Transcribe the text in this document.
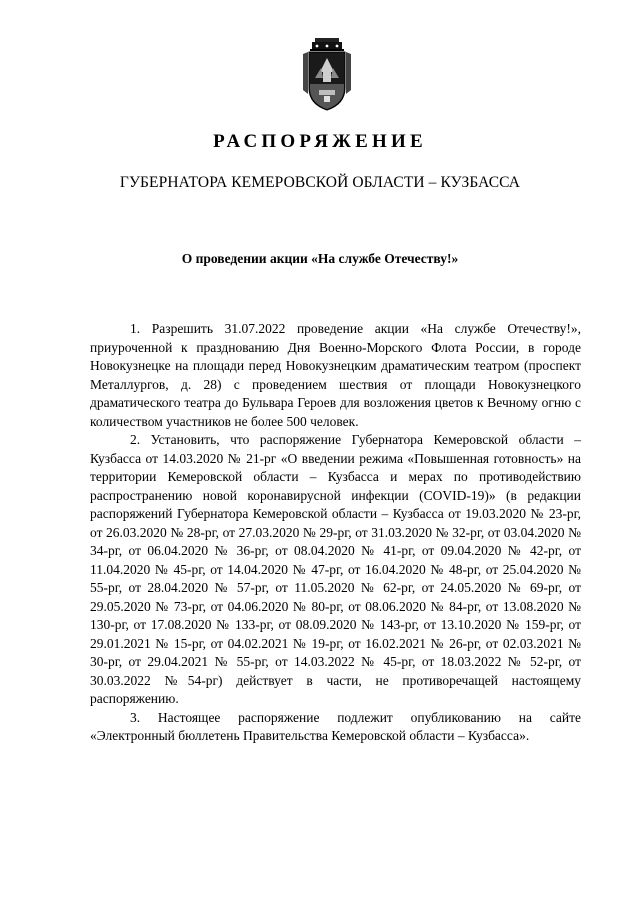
РАСПОРЯЖЕНИЕ
ГУБЕРНАТОРА КЕМЕРОВСКОЙ ОБЛАСТИ – КУЗБАССА
О проведении акции «На службе Отечеству!»

1. Разрешить 31.07.2022 проведение акции «На службе Отечеству!», приуроченной к празднованию Дня Военно-Морского Флота России, в городе Новокузнецке на площади перед Новокузнецким драматическим театром (проспект Металлургов, д. 28) с проведением шествия от площади Новокузнецкого драматического театра до Бульвара Героев для возложения цветов к Вечному огню с количеством участников не более 500 человек.

2. Установить, что распоряжение Губернатора Кемеровской области – Кузбасса от 14.03.2020 № 21-рг «О введении режима «Повышенная готовность» на территории Кемеровской области – Кузбасса и мерах по противодействию распространению новой коронавирусной инфекции (COVID-19)» (в редакции распоряжений Губернатора Кемеровской области – Кузбасса от 19.03.2020 № 23-рг, от 26.03.2020 № 28-рг, от 27.03.2020 № 29-рг, от 31.03.2020 № 32-рг, от 03.04.2020 № 34-рг, от 06.04.2020 № 36-рг, от 08.04.2020 № 41-рг, от 09.04.2020 № 42-рг, от 11.04.2020 № 45-рг, от 14.04.2020 № 47-рг, от 16.04.2020 № 48-рг, от 25.04.2020 № 55-рг, от 28.04.2020 № 57-рг, от 11.05.2020 № 62-рг, от 24.05.2020 № 69-рг, от 29.05.2020 № 73-рг, от 04.06.2020 № 80-рг, от 08.06.2020 № 84-рг, от 13.08.2020 № 130-рг, от 17.08.2020 № 133-рг, от 08.09.2020 № 143-рг, от 13.10.2020 № 159-рг, от 29.01.2021 № 15-рг, от 04.02.2021 № 19-рг, от 16.02.2021 № 26-рг, от 02.03.2021 № 30-рг, от 29.04.2021 № 55-рг, от 14.03.2022 № 45-рг, от 18.03.2022 № 52-рг, от 30.03.2022 №54-рг) действует в части, не противоречащей настоящему распоряжению.

3. Настоящее распоряжение подлежит опубликованию на сайте «Электронный бюллетень Правительства Кемеровской области – Кузбасса».
